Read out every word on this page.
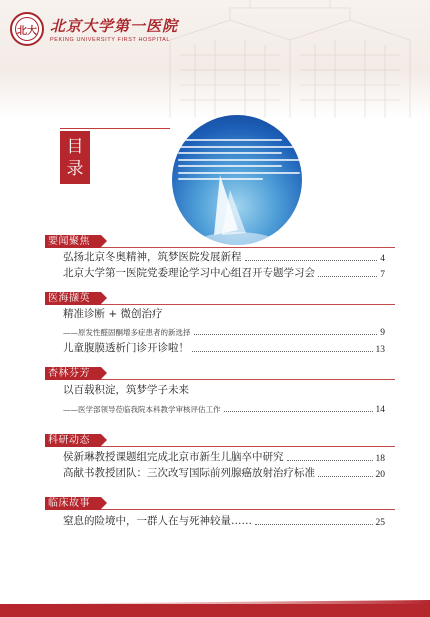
北大 北京大学第一医院
PEKING UNIVERSITY FIRST HOSPITAL
目
录
二维码
要闻聚焦
弘扬北京冬奥精神，筑梦医院发展新程	4
北京大学第一医院党委理论学习中心组召开专题学习会	7
医海撷英
精准诊断 + 微创治疗
——原发性醛固酮增多症患者的新选择	9
儿童腹膜透析门诊开诊啦！	13
杏林芬芳
以百载积淀，筑梦学子未来
——医学部领导莅临我院本科教学审核评估工作	14
科研动态
侯新琳教授课题组完成北京市新生儿脑卒中研究	18
高献书教授团队：三次改写国际前列腺癌放射治疗标准	20
临床故事
窒息的险境中，一群人在与死神较量……	25
